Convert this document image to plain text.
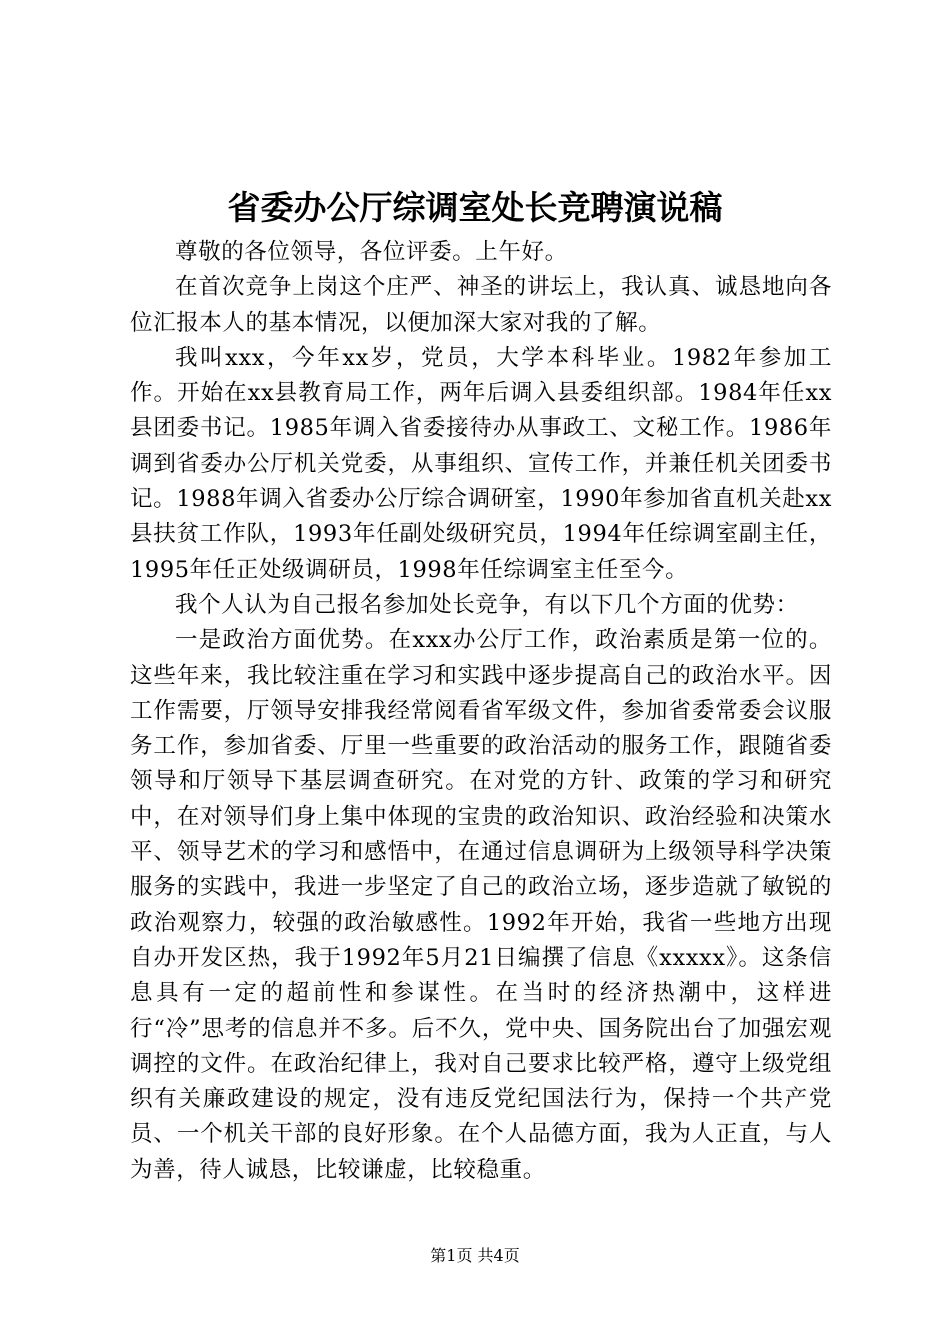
省委办公厅综调室处长竞聘演说稿

尊敬的各位领导，各位评委。上午好。

在首次竞争上岗这个庄严、神圣的讲坛上，我认真、诚恳地向各位汇报本人的基本情况，以便加深大家对我的了解。

我叫xxx，今年xx岁，党员，大学本科毕业。1982年参加工作。开始在xx县教育局工作，两年后调入县委组织部。1984年任xx县团委书记。1985年调入省委接待办从事政工、文秘工作。1986年调到省委办公厅机关党委，从事组织、宣传工作，并兼任机关团委书记。1988年调入省委办公厅综合调研室，1990年参加省直机关赴xx县扶贫工作队，1993年任副处级研究员，1994年任综调室副主任，1995年任正处级调研员，1998年任综调室主任至今。

我个人认为自己报名参加处长竞争，有以下几个方面的优势：

一是政治方面优势。在xxx办公厅工作，政治素质是第一位的。这些年来，我比较注重在学习和实践中逐步提高自己的政治水平。因工作需要，厅领导安排我经常阅看省军级文件，参加省委常委会议服务工作，参加省委、厅里一些重要的政治活动的服务工作，跟随省委领导和厅领导下基层调查研究。在对党的方针、政策的学习和研究中，在对领导们身上集中体现的宝贵的政治知识、政治经验和决策水平、领导艺术的学习和感悟中，在通过信息调研为上级领导科学决策服务的实践中，我进一步坚定了自己的政治立场，逐步造就了敏锐的政治观察力，较强的政治敏感性。1992年开始，我省一些地方出现自办开发区热，我于1992年5月21日编撰了信息《xxxxx》。这条信息具有一定的超前性和参谋性。在当时的经济热潮中，这样进行“冷”思考的信息并不多。后不久，党中央、国务院出台了加强宏观调控的文件。在政治纪律上，我对自己要求比较严格，遵守上级党组织有关廉政建设的规定，没有违反党纪国法行为，保持一个共产党员、一个机关干部的良好形象。在个人品德方面，我为人正直，与人为善，待人诚恳，比较谦虚，比较稳重。

第1页 共4页
